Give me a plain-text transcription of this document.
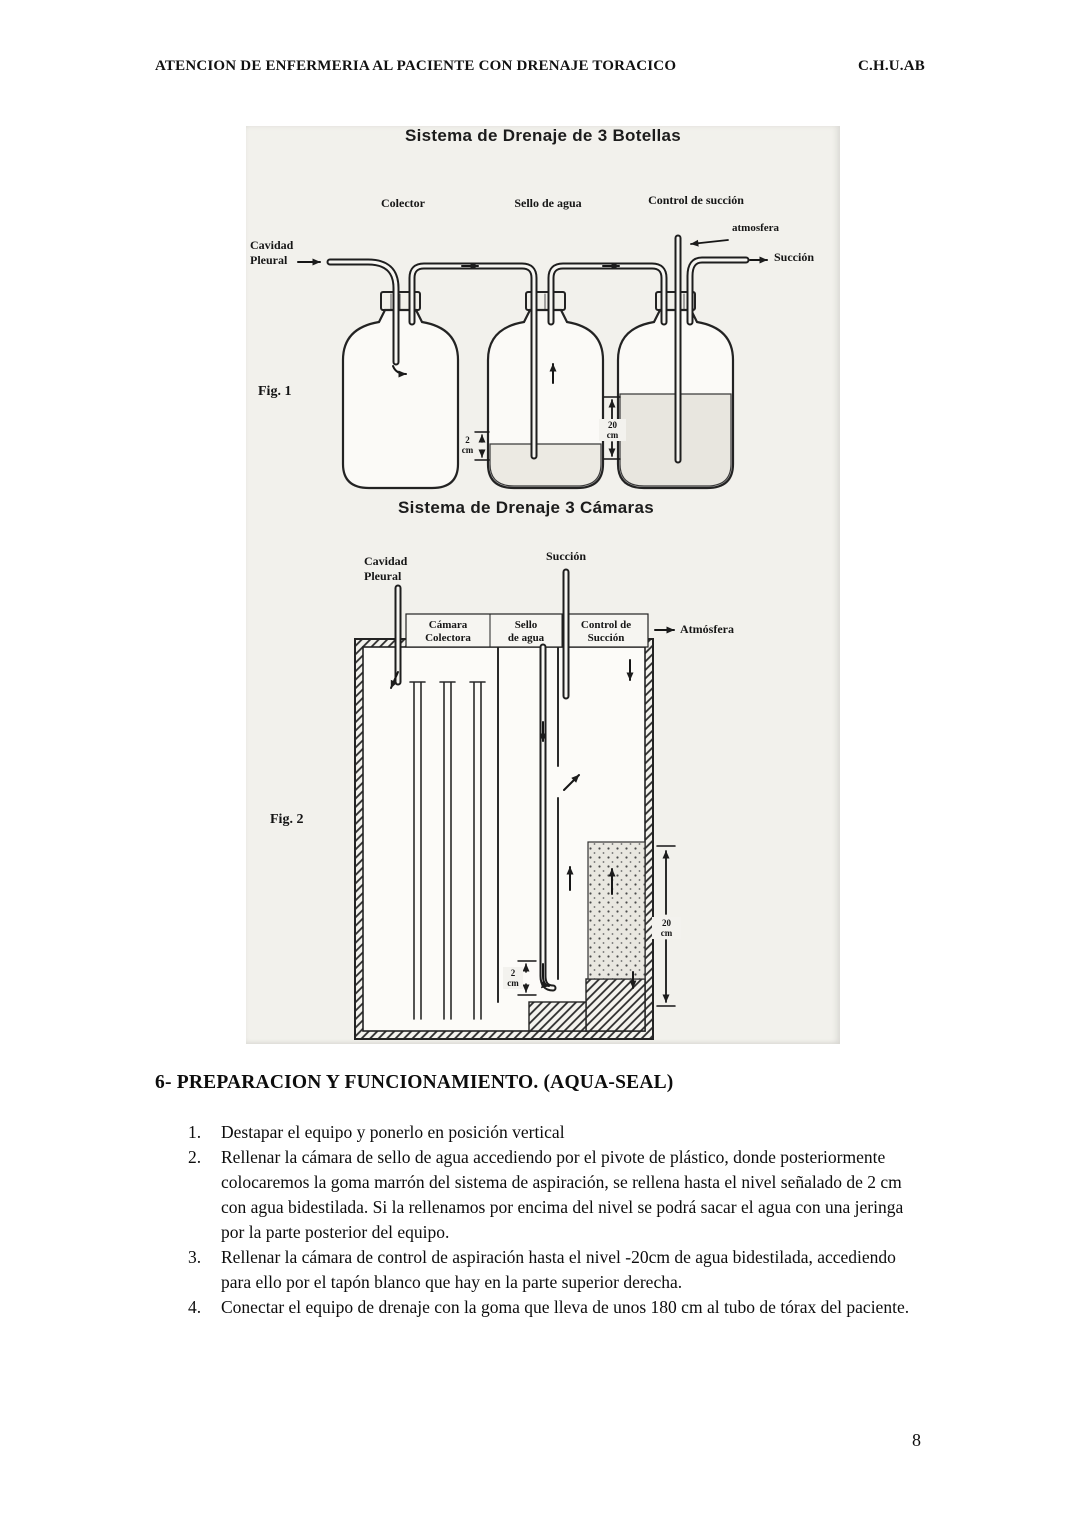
ATENCION DE ENFERMERIA AL PACIENTE CON DRENAJE TORACICO	C.H.U.AB
Sistema de Drenaje de 3 Botellas
Colector	Sello de agua	Control de succión
atmosfera
Cavidad
Pleural	Succión
Fig. 1
20
cm
2
cm
Sistema de Drenaje 3 Cámaras
Succión
Cavidad
Pleural
Cámara
Colectora
Sello
de agua
Control de
Succión
Atmósfera
Fig. 2
20
cm
2
cm
6- PREPARACION Y FUNCIONAMIENTO. (AQUA-SEAL)
1.	Destapar el equipo y ponerlo en posición vertical
2.	Rellenar la cámara de sello de agua accediendo por el pivote de plástico, donde posteriormente colocaremos la goma marrón del sistema de aspiración, se rellena hasta el nivel señalado de 2 cm con agua bidestilada. Si la rellenamos por encima del nivel se podrá sacar el agua con una jeringa por la parte posterior del equipo.
3.	Rellenar la cámara de control de aspiración hasta el nivel -20cm de agua bidestilada, accediendo para ello por el tapón blanco que hay en la parte superior derecha.
4.	Conectar el equipo de drenaje con la goma que lleva de unos 180 cm al tubo de tórax del paciente.
8
